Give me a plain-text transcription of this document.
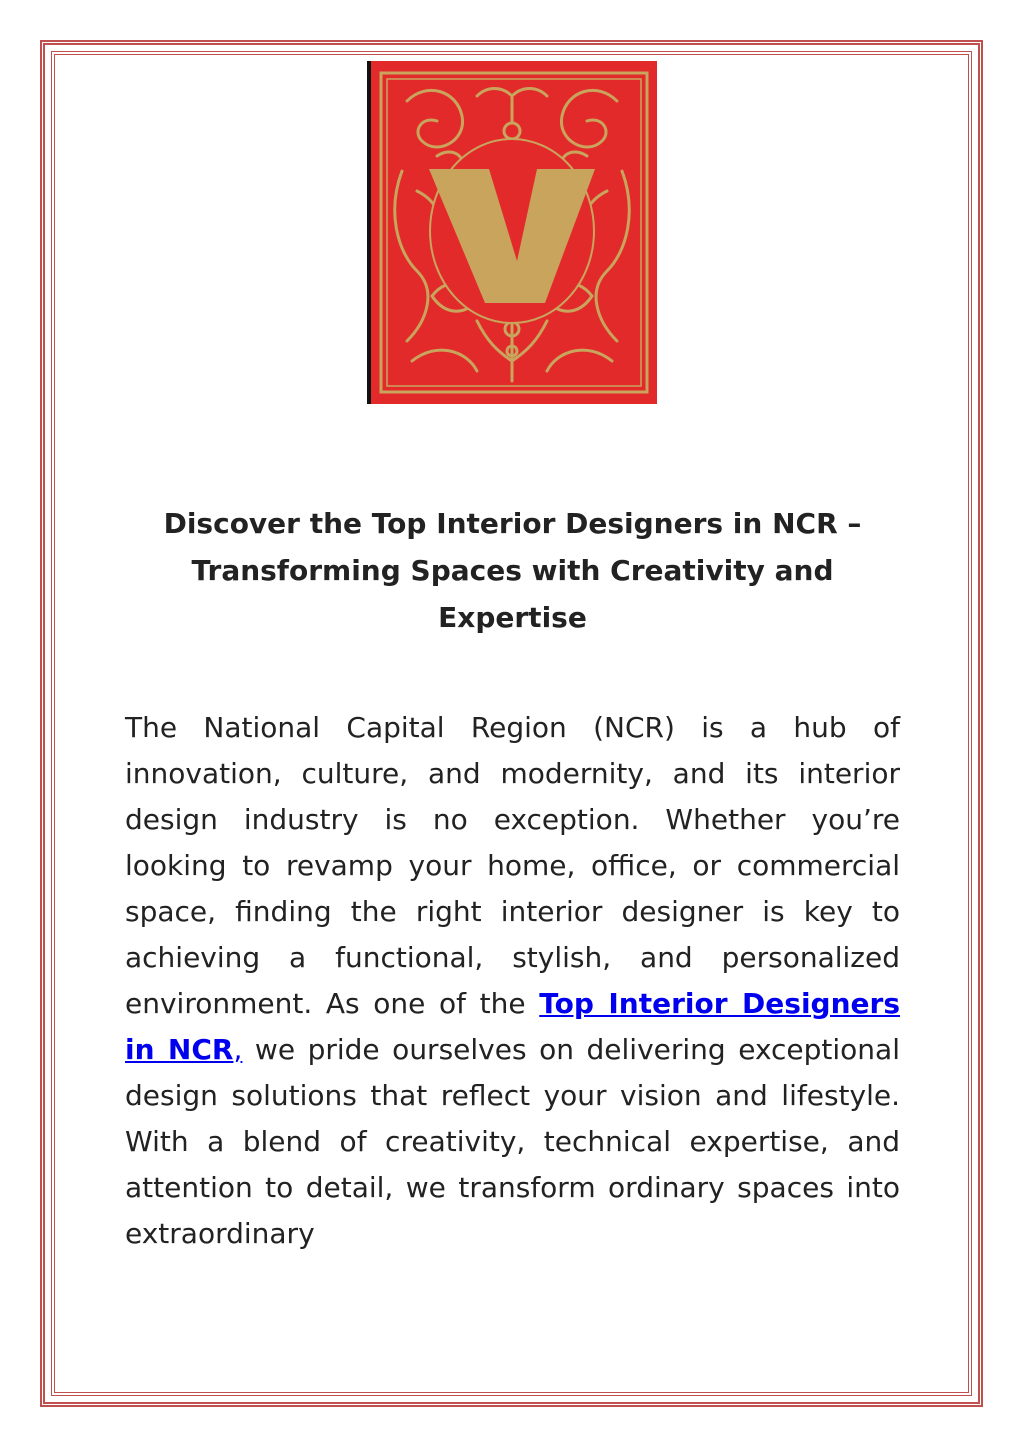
Discover the Top Interior Designers in NCR –
Transforming Spaces with Creativity and
Expertise

The National Capital Region (NCR) is a hub of innovation, culture, and modernity, and its interior design industry is no exception. Whether you’re looking to revamp your home, office, or commercial space, finding the right interior designer is key to achieving a functional, stylish, and personalized environment. As one of the Top Interior Designers in NCR, we pride ourselves on delivering exceptional design solutions that reflect your vision and lifestyle. With a blend of creativity, technical expertise, and attention to detail, we transform ordinary spaces into extraordinary
